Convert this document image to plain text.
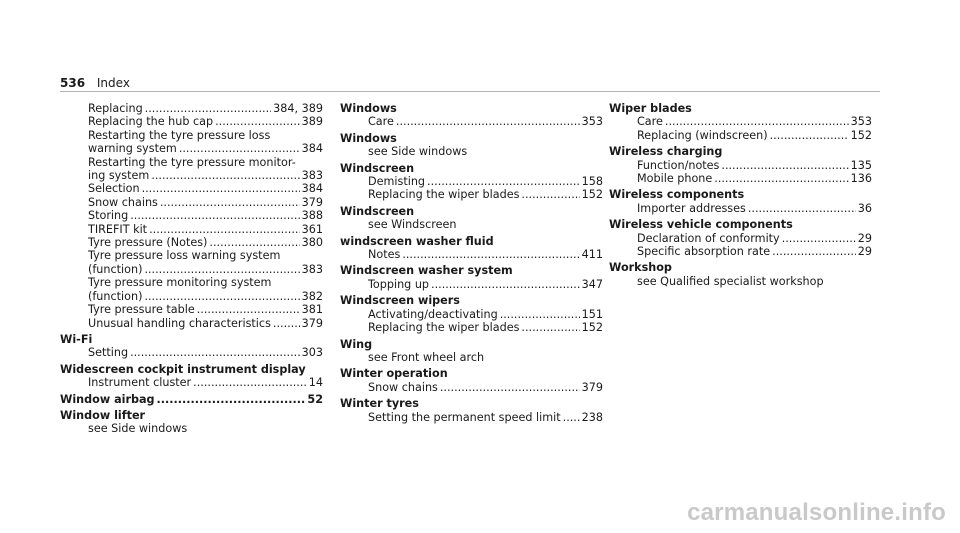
536 Index
Replacing .....	384, 389
Replacing the hub cap .....	389
Restarting the tyre pressure loss
warning system .....	384
Restarting the tyre pressure monitor-
ing system .....	383
Selection .....	384
Snow chains .....	379
Storing .....	388
TIREFIT kit .....	361
Tyre pressure (Notes) .....	380
Tyre pressure loss warning system
(function) .....	383
Tyre pressure monitoring system
(function) .....	382
Tyre pressure table .....	381
Unusual handling characteristics .....	379
Wi-Fi
Setting .....	303
Widescreen cockpit instrument display
Instrument cluster .....	14
Window airbag .....	52
Window lifter
see Side windows
Windows
Care .....	353
Windows
see Side windows
Windscreen
Demisting .....	158
Replacing the wiper blades .....	152
Windscreen
see Windscreen
windscreen washer fluid
Notes .....	411
Windscreen washer system
Topping up .....	347
Windscreen wipers
Activating/deactivating .....	151
Replacing the wiper blades .....	152
Wing
see Front wheel arch
Winter operation
Snow chains .....	379
Winter tyres
Setting the permanent speed limit ..... 238
Wiper blades
Care .....	353
Replacing (windscreen) .....	152
Wireless charging
Function/notes .....	135
Mobile phone .....	136
Wireless components
Importer addresses .....	36
Wireless vehicle components
Declaration of conformity .....	29
Specific absorption rate .....	29
Workshop
see Qualified specialist workshop
carmanualsonline.info
